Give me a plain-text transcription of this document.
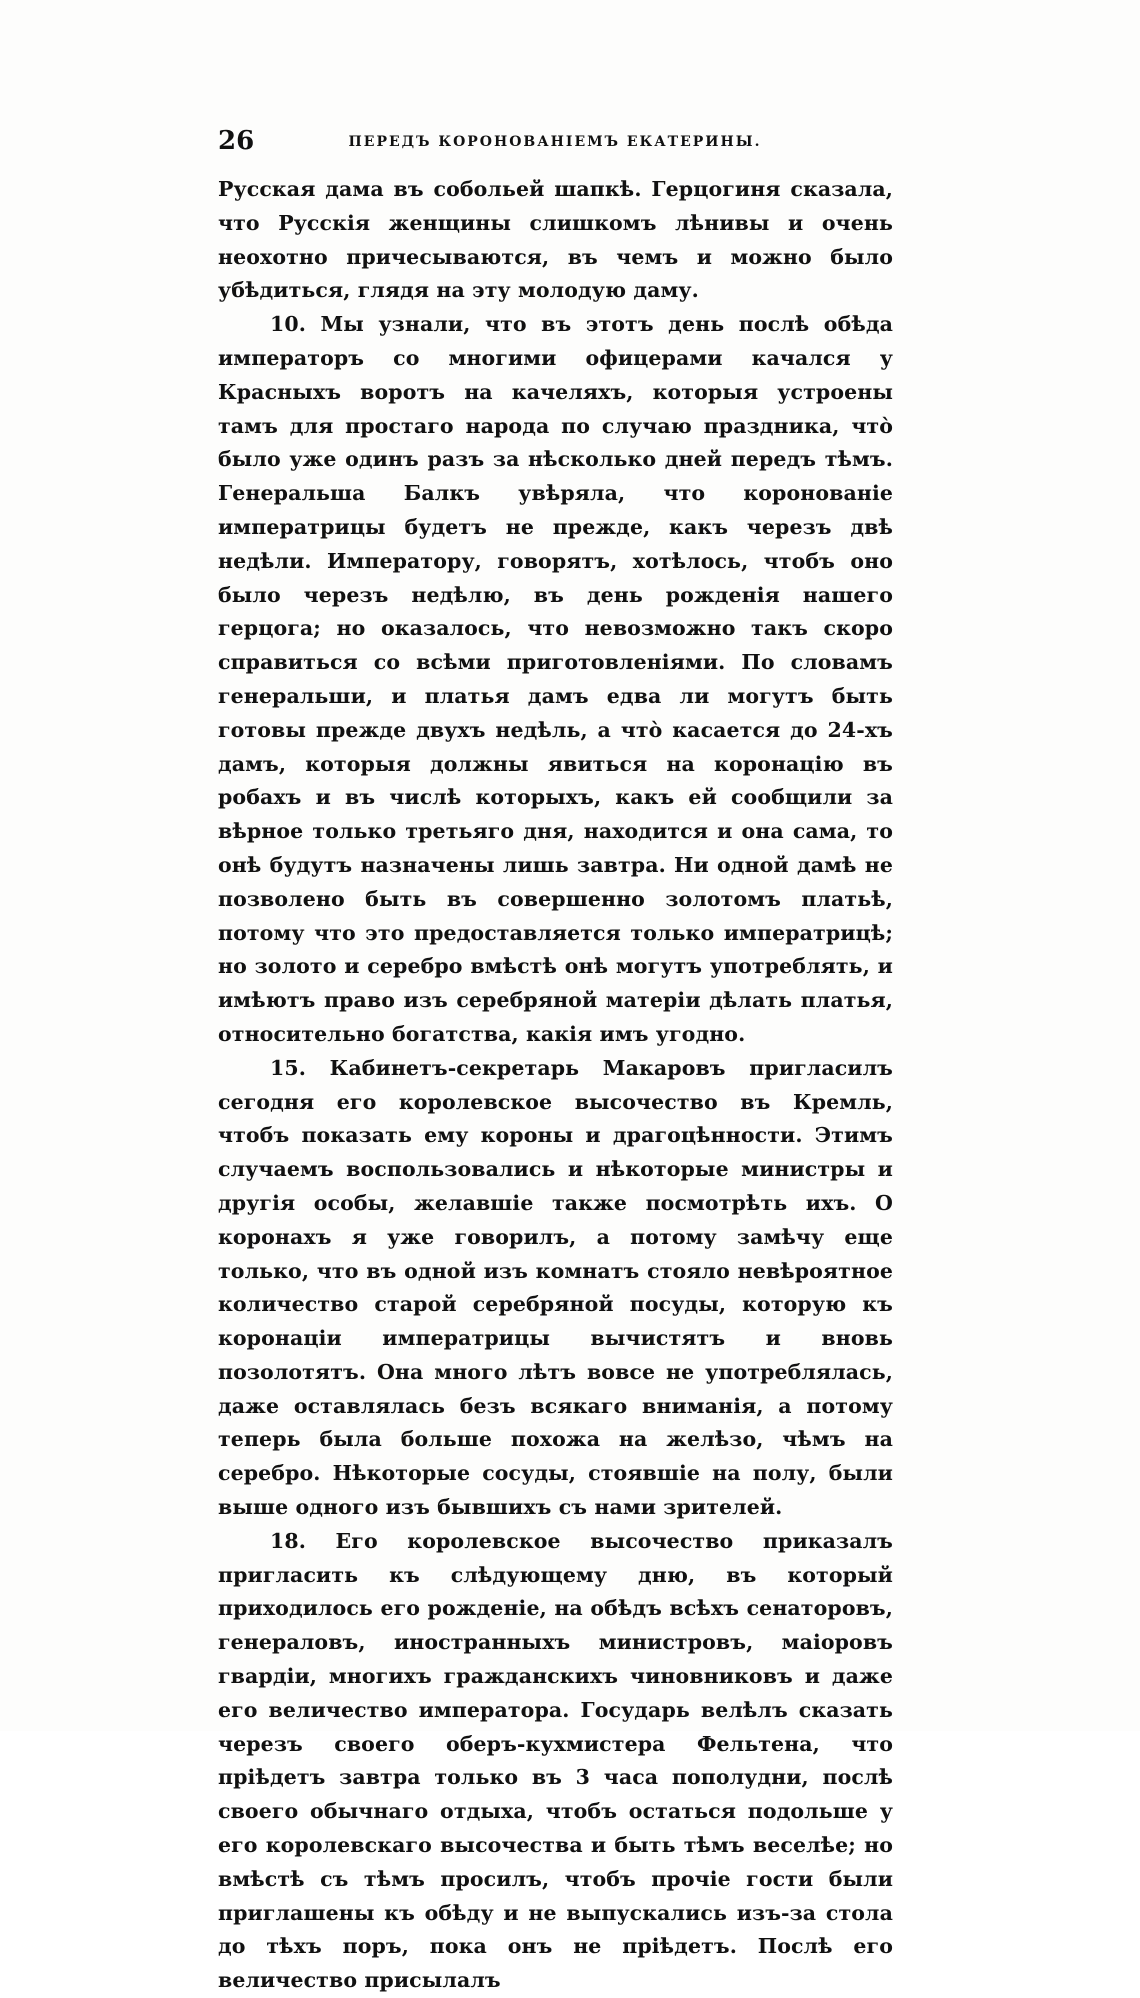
26	ПЕРЕДЪ КОРОНОВАНІЕМЪ ЕКАТЕРИНЫ.

Русская дама въ собольей шапкѣ. Герцогиня сказала, что Русскія женщины слишкомъ лѣнивы и очень неохотно причесываются, въ чемъ и можно было убѣдиться, глядя на эту молодую даму.

10. Мы узнали, что въ этотъ день послѣ обѣда императоръ со многими офицерами качался у Красныхъ воротъ на качеляхъ, которыя устроены тамъ для простаго народа по случаю праздника, что̀ было уже одинъ разъ за нѣсколько дней передъ тѣмъ. Генеральша Балкъ увѣряла, что коронованіе императрицы будетъ не прежде, какъ черезъ двѣ недѣли. Императору, говорятъ, хотѣлось, чтобъ оно было черезъ недѣлю, въ день рожденія нашего герцога; но оказалось, что невозможно такъ скоро справиться со всѣми приготовленіями. По словамъ генеральши, и платья дамъ едва ли могутъ быть готовы прежде двухъ недѣль, а что̀ касается до 24-хъ дамъ, которыя должны явиться на коронацію въ робахъ и въ числѣ которыхъ, какъ ей сообщили за вѣрное только третьяго дня, находится и она сама, то онѣ будутъ назначены лишь завтра. Ни одной дамѣ не позволено быть въ совершенно золотомъ платьѣ, потому что это предоставляется только императрицѣ; но золото и серебро вмѣстѣ онѣ могутъ употреблять, и имѣютъ право изъ серебряной матеріи дѣлать платья, относительно богатства, какія имъ угодно.

15. Кабинетъ-секретарь Макаровъ пригласилъ сегодня его королевское высочество въ Кремль, чтобъ показать ему короны и драгоцѣнности. Этимъ случаемъ воспользовались и нѣкоторые министры и другія особы, желавшіе также посмотрѣть ихъ. О коронахъ я уже говорилъ, а потому замѣчу еще только, что въ одной изъ комнатъ стояло невѣроятное количество старой серебряной посуды, которую къ коронаціи императрицы вычистятъ и вновь позолотятъ. Она много лѣтъ вовсе не употреблялась, даже оставлялась безъ всякаго вниманія, а потому теперь была больше похожа на желѣзо, чѣмъ на серебро. Нѣкоторые сосуды, стоявшіе на полу, были выше одного изъ бывшихъ съ нами зрителей.

18. Его королевское высочество приказалъ пригласить къ слѣдующему дню, въ который приходилось его рожденіе, на обѣдъ всѣхъ сенаторовъ, генераловъ, иностранныхъ министровъ, маіоровъ гвардіи, многихъ гражданскихъ чиновниковъ и даже его величество императора. Государь велѣлъ сказать черезъ своего оберъ-кухмистера Фельтена, что пріѣдетъ завтра только въ 3 часа пополудни, послѣ своего обычнаго отдыха, чтобъ остаться подольше у его королевскаго высочества и быть тѣмъ веселѣе; но вмѣстѣ съ тѣмъ просилъ, чтобъ прочіе гости были приглашены къ обѣду и не выпускались изъ-за стола до тѣхъ поръ, пока онъ не пріѣдетъ. Послѣ его величество присылалъ
